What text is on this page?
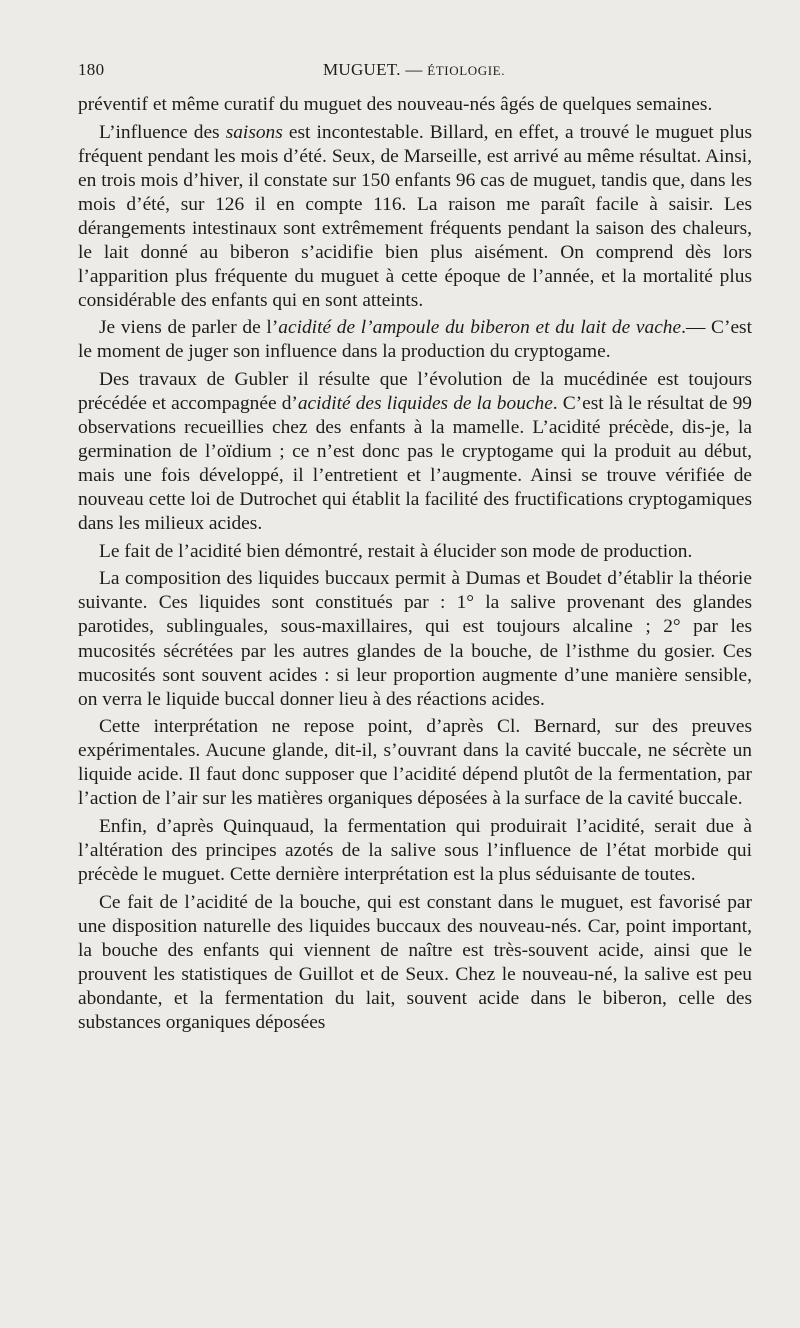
180	MUGUET. — ÉTIOLOGIE.

préventif et même curatif du muguet des nouveau-nés âgés de quelques semaines.

L’influence des saisons est incontestable. Billard, en effet, a trouvé le muguet plus fréquent pendant les mois d’été. Seux, de Marseille, est arrivé au même résultat. Ainsi, en trois mois d’hiver, il constate sur 150 enfants 96 cas de muguet, tandis que, dans les mois d’été, sur 126 il en compte 116. La raison me paraît facile à saisir. Les dérangements intestinaux sont extrêmement fréquents pendant la saison des chaleurs, le lait donné au biberon s’acidifie bien plus aisément. On comprend dès lors l’apparition plus fréquente du muguet à cette époque de l’année, et la mortalité plus considérable des enfants qui en sont atteints.

Je viens de parler de l’acidité de l’ampoule du biberon et du lait de vache.— C’est le moment de juger son influence dans la production du cryptogame.

Des travaux de Gubler il résulte que l’évolution de la mucédinée est toujours précédée et accompagnée d’acidité des liquides de la bouche. C’est là le résultat de 99 observations recueillies chez des enfants à la mamelle. L’acidité précède, dis-je, la germination de l’oïdium ; ce n’est donc pas le cryptogame qui la produit au début, mais une fois développé, il l’entretient et l’augmente. Ainsi se trouve vérifiée de nouveau cette loi de Dutrochet qui établit la facilité des fructifications cryptogamiques dans les milieux acides.

Le fait de l’acidité bien démontré, restait à élucider son mode de production.

La composition des liquides buccaux permit à Dumas et Boudet d’établir la théorie suivante. Ces liquides sont constitués par : 1° la salive provenant des glandes parotides, sublinguales, sous-maxillaires, qui est toujours alcaline ; 2° par les mucosités sécrétées par les autres glandes de la bouche, de l’isthme du gosier. Ces mucosités sont souvent acides : si leur proportion augmente d’une manière sensible, on verra le liquide buccal donner lieu à des réactions acides.

Cette interprétation ne repose point, d’après Cl. Bernard, sur des preuves expérimentales. Aucune glande, dit-il, s’ouvrant dans la cavité buccale, ne sécrète un liquide acide. Il faut donc supposer que l’acidité dépend plutôt de la fermentation, par l’action de l’air sur les matières organiques déposées à la surface de la cavité buccale.

Enfin, d’après Quinquaud, la fermentation qui produirait l’acidité, serait due à l’altération des principes azotés de la salive sous l’influence de l’état morbide qui précède le muguet. Cette dernière interprétation est la plus séduisante de toutes.

Ce fait de l’acidité de la bouche, qui est constant dans le muguet, est favorisé par une disposition naturelle des liquides buccaux des nouveau-nés. Car, point important, la bouche des enfants qui viennent de naître est très-souvent acide, ainsi que le prouvent les statistiques de Guillot et de Seux. Chez le nouveau-né, la salive est peu abondante, et la fermentation du lait, souvent acide dans le biberon, celle des substances organiques déposées
